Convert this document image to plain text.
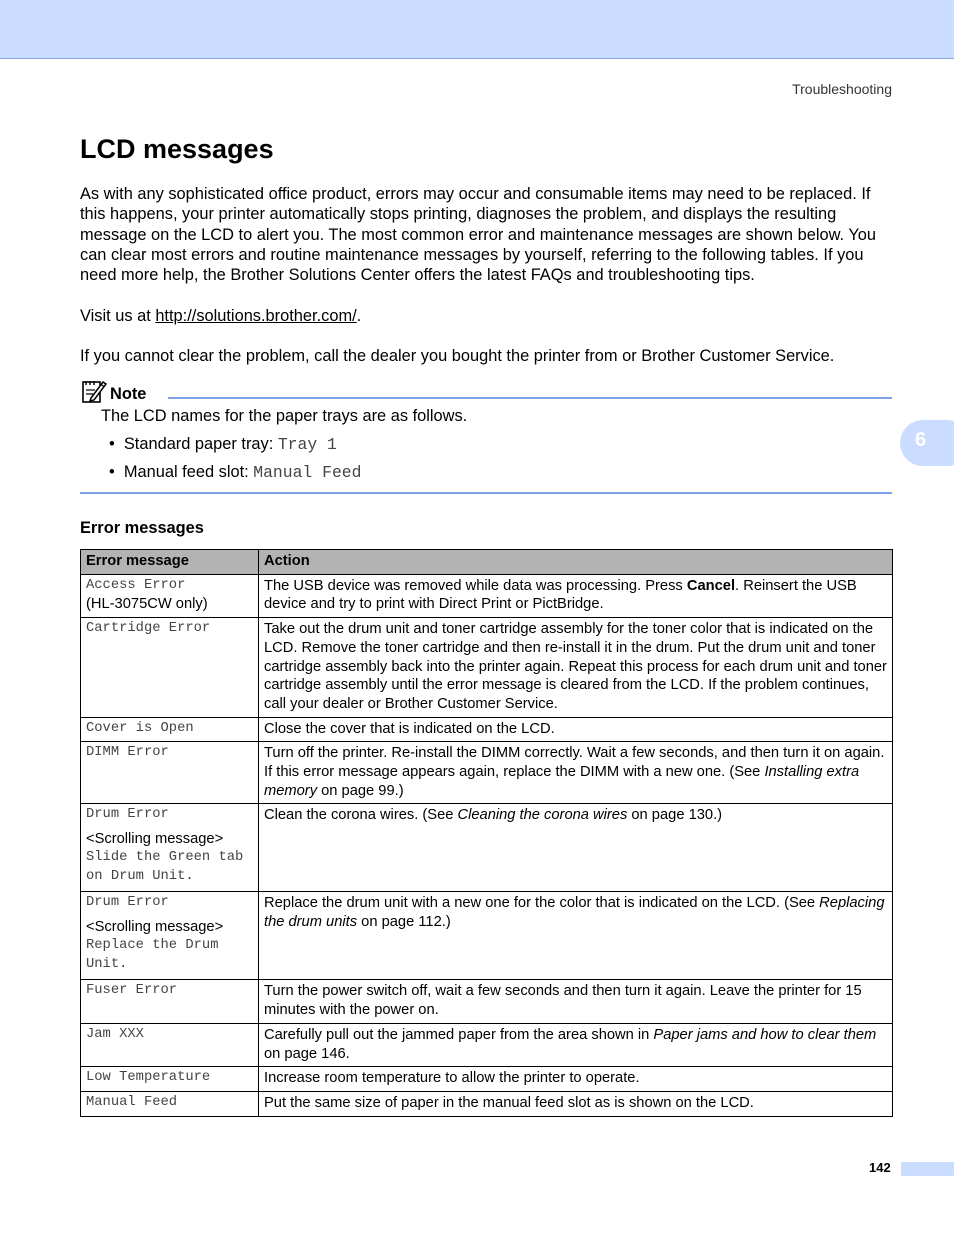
Troubleshooting
6
LCD messages

As with any sophisticated office product, errors may occur and consumable items may need to be replaced. If this happens, your printer automatically stops printing, diagnoses the problem, and displays the resulting message on the LCD to alert you. The most common error and maintenance messages are shown below. You can clear most errors and routine maintenance messages by yourself, referring to the following tables. If you need more help, the Brother Solutions Center offers the latest FAQs and troubleshooting tips.

Visit us at http://solutions.brother.com/.

If you cannot clear the problem, call the dealer you bought the printer from or Brother Customer Service.

Note
The LCD names for the paper trays are as follows.
•  Standard paper tray: Tray 1
•  Manual feed slot: Manual Feed
Error messages
Error message	Action

Access Error
(HL-3075CW only)	The USB device was removed while data was processing. Press Cancel. Reinsert the USB device and try to print with Direct Print or PictBridge.

Cartridge Error	Take out the drum unit and toner cartridge assembly for the toner color that is indicated on the LCD. Remove the toner cartridge and then re-install it in the drum. Put the drum unit and toner cartridge assembly back into the printer again. Repeat this process for each drum unit and toner cartridge assembly until the error message is cleared from the LCD. If the problem continues, call your dealer or Brother Customer Service.

Cover is Open	Close the cover that is indicated on the LCD.

DIMM Error	Turn off the printer. Re-install the DIMM correctly. Wait a few seconds, and then turn it on again. If this error message appears again, replace the DIMM with a new one. (See Installing extra memory on page 99.)

Drum Error
<Scrolling message>
Slide the Green tab on Drum Unit.	Clean the corona wires. (See Cleaning the corona wires on page 130.)

Drum Error
<Scrolling message>
Replace the Drum Unit.	Replace the drum unit with a new one for the color that is indicated on the LCD. (See Replacing the drum units on page 112.)

Fuser Error	Turn the power switch off, wait a few seconds and then turn it again. Leave the printer for 15 minutes with the power on.

Jam XXX	Carefully pull out the jammed paper from the area shown in Paper jams and how to clear them on page 146.

Low Temperature	Increase room temperature to allow the printer to operate.

Manual Feed	Put the same size of paper in the manual feed slot as is shown on the LCD.
142
